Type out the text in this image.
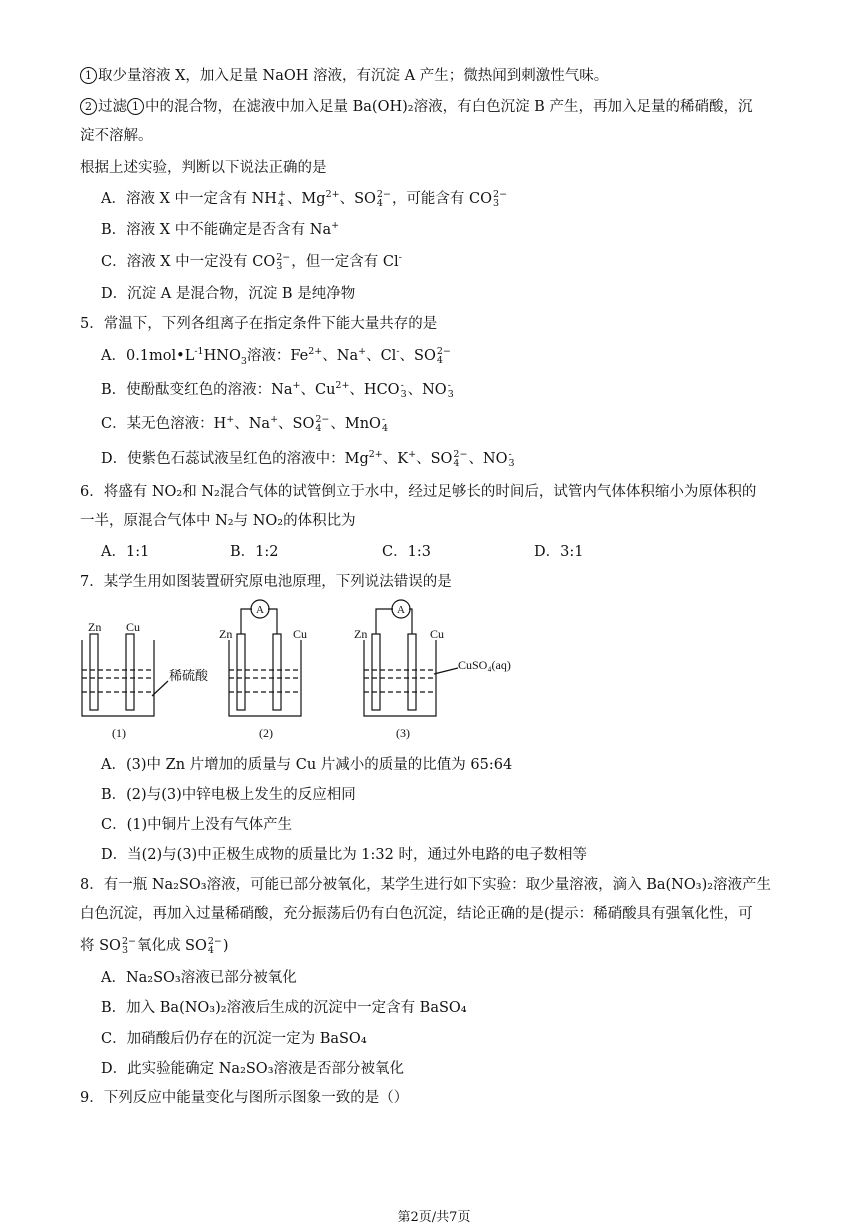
1 取少量溶液 X，加入足量 NaOH 溶液，有沉淀 A 产生；微热闻到刺激性气味。
2 过滤 1 中的混合物，在滤液中加入足量 Ba(OH)₂溶液，有白色沉淀 B 产生，再加入足量的稀硝酸，沉
淀不溶解。
根据上述实验，判断以下说法正确的是
A．溶液 X 中一定含有 NH +
4 、$Mg^{2+}$、SO 2−
4 ，可能含有 CO 2−
3
B．溶液 X 中不能确定是否含有 Na+
C．溶液 X 中一定没有 CO 2−
3 ，但一定含有 Cl-
D．沉淀 A 是混合物，沉淀 B 是纯净物
5．常温下，下列各组离子在指定条件下能大量共存的是
A．$0.1mol•L^{-1}HNO_3$溶液：$Fe^{2+}$、Na+、Cl-、SO 2−
4
B．使酚酞变红色的溶液：Na+、$Cu^{2+}$、HCO -
3 、NO -
3
C．某无色溶液：H+、Na+、SO 2−
4 、MnO -
4
D．使紫色石蕊试液呈红色的溶液中：$Mg^{2+}$、K+、SO 2−
4 、NO -
3
6．将盛有 NO₂和 N₂混合气体的试管倒立于水中，经过足够长的时间后，试管内气体体积缩小为原体积的
一半，原混合气体中 N₂与 NO₂的体积比为
A．1:1	B．1:2	C．1:3	D．3:1
7．某学生用如图装置研究原电池原理，下列说法错误的是
Zn Cu
稀硫酸
(1)
Zn	Cu
A
(2)
Zn	Cu
A
CuSO₄(aq)
(3)
A．(3)中 Zn 片增加的质量与 Cu 片减小的质量的比值为 65:64
B．(2)与(3)中锌电极上发生的反应相同
C．(1)中铜片上没有气体产生
D．当(2)与(3)中正极生成物的质量比为 1:32 时，通过外电路的电子数相等
8．有一瓶 Na₂SO₃溶液，可能已部分被氧化，某学生进行如下实验：取少量溶液，滴入 Ba(NO₃)₂溶液产生
白色沉淀，再加入过量稀硝酸，充分振荡后仍有白色沉淀，结论正确的是(提示：稀硝酸具有强氧化性，可
将 SO 2−
3 氧化成 SO 2−
4 )
A．Na₂SO₃溶液已部分被氧化
B．加入 Ba(NO₃)₂溶液后生成的沉淀中一定含有 BaSO₄
C．加硝酸后仍存在的沉淀一定为 BaSO₄
D．此实验能确定 Na₂SO₃溶液是否部分被氧化
9．下列反应中能量变化与图所示图象一致的是（）
第2页/共7页
